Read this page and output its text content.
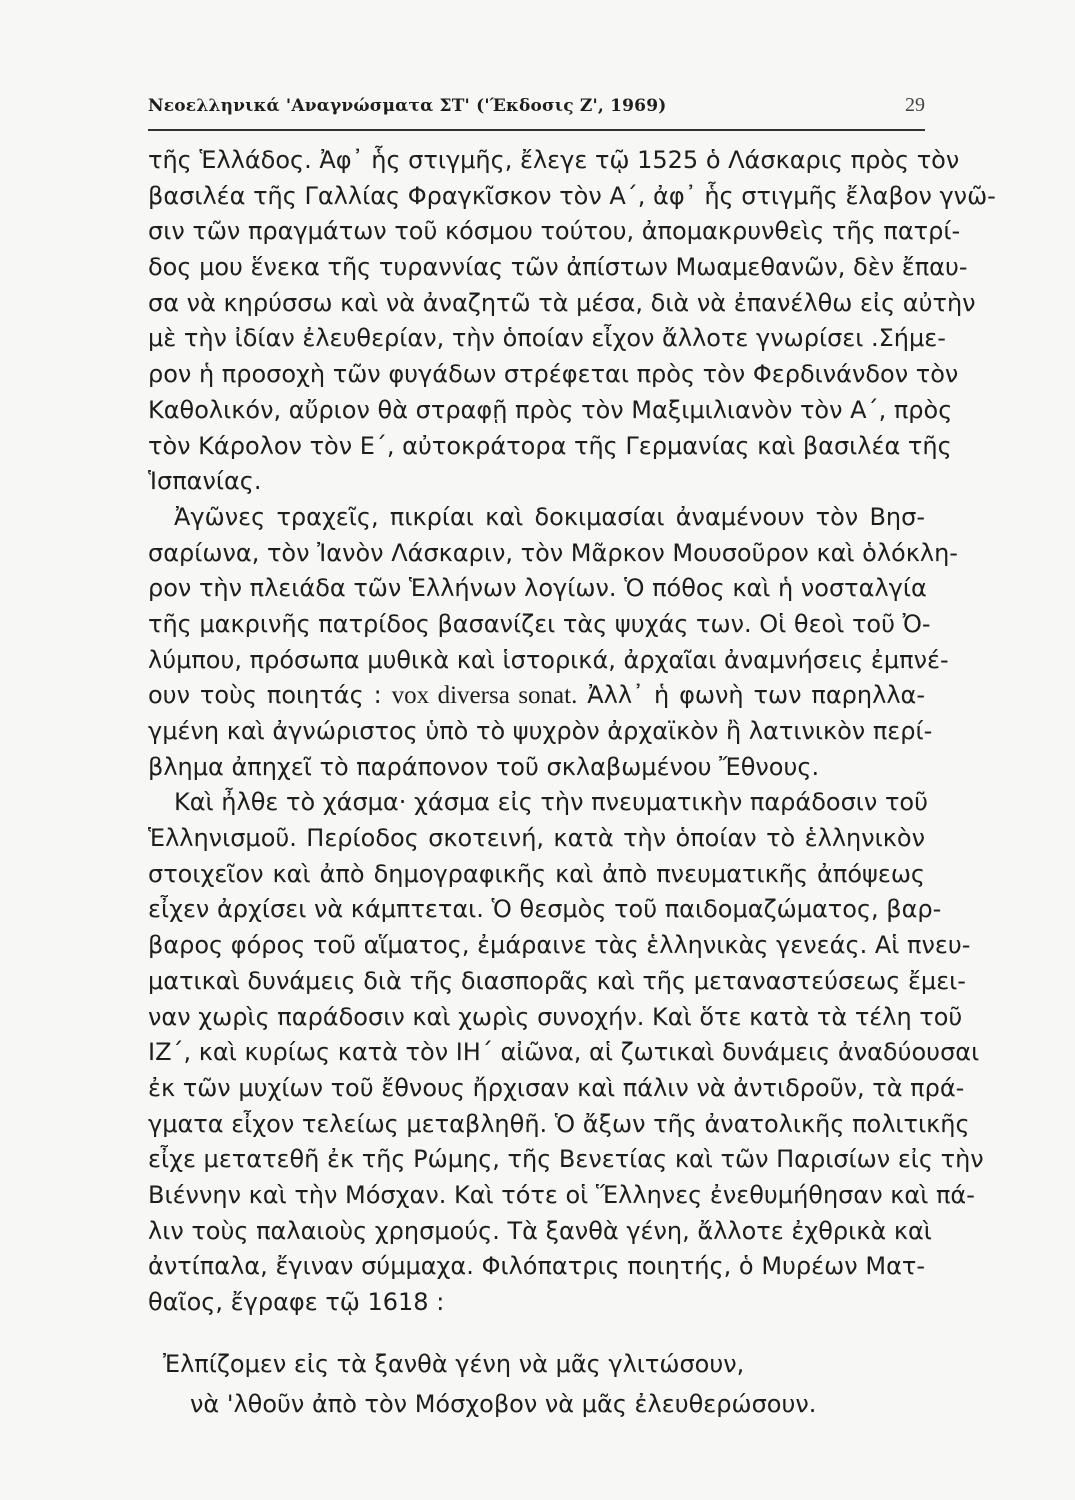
Νεοελληνικά 'Αναγνώσματα ΣΤ' ('Έκδοσις Ζ', 1969)	29
τῆς Ἑλλάδος. Ἀφ᾿ ἧς στιγμῆς, ἔλεγε τῷ 1525 ὁ Λάσκαρις πρὸς τὸν
βασιλέα τῆς Γαλλίας Φραγκῖσκον τὸν Α΄, ἀφ᾿ ἧς στιγμῆς ἔλαβον γνῶ-
σιν τῶν πραγμάτων τοῦ κόσμου τούτου, ἀπομακρυνθεὶς τῆς πατρί-
δος μου ἕνεκα τῆς τυραννίας τῶν ἀπίστων Μωαμεθανῶν, δὲν ἔπαυ-
σα νὰ κηρύσσω καὶ νὰ ἀναζητῶ τὰ μέσα, διὰ νὰ ἐπανέλθω εἰς αὐτὴν
μὲ τὴν ἰδίαν ἐλευθερίαν, τὴν ὁποίαν εἶχον ἄλλοτε γνωρίσει .Σήμε-
ρον ἡ προσοχὴ τῶν φυγάδων στρέφεται πρὸς τὸν Φερδινάνδον τὸν
Καθολικόν, αὔριον θὰ στραφῇ πρὸς τὸν Μαξιμιλιανὸν τὸν Α΄, πρὸς
τὸν Κάρολον τὸν Ε΄, αὐτοκράτορα τῆς Γερμανίας καὶ βασιλέα τῆς
Ἱσπανίας.
Ἀγῶνες τραχεῖς, πικρίαι καὶ δοκιμασίαι ἀναμένουν τὸν Βησ-
σαρίωνα, τὸν Ἰανὸν Λάσκαριν, τὸν Μᾶρκον Μουσοῦρον καὶ ὁλόκλη-
ρον τὴν πλειάδα τῶν Ἑλλήνων λογίων. Ὁ πόθος καὶ ἡ νοσταλγία
τῆς μακρινῆς πατρίδος βασανίζει τὰς ψυχάς των. Οἱ θεοὶ τοῦ Ὀ-
λύμπου, πρόσωπα μυθικὰ καὶ ἱστορικά, ἀρχαῖαι ἀναμνήσεις ἐμπνέ-
ουν τοὺς ποιητάς : vox diversa sonat. Ἀλλ᾿ ἡ φωνὴ των παρηλλα-
γμένη καὶ ἀγνώριστος ὑπὸ τὸ ψυχρὸν ἀρχαϊκὸν ἢ λατινικὸν περί-
βλημα ἀπηχεῖ τὸ παράπονον τοῦ σκλαβωμένου Ἔθνους.
Καὶ ἦλθε τὸ χάσμα· χάσμα εἰς τὴν πνευματικὴν παράδοσιν τοῦ
Ἑλληνισμοῦ. Περίοδος σκοτεινή, κατὰ τὴν ὁποίαν τὸ ἑλληνικὸν
στοιχεῖον καὶ ἀπὸ δημογραφικῆς καὶ ἀπὸ πνευματικῆς ἀπόψεως
εἶχεν ἀρχίσει νὰ κάμπτεται. Ὁ θεσμὸς τοῦ παιδομαζώματος, βαρ-
βαρος φόρος τοῦ αἵματος, ἐμάραινε τὰς ἑλληνικὰς γενεάς. Αἱ πνευ-
ματικαὶ δυνάμεις διὰ τῆς διασπορᾶς καὶ τῆς μεταναστεύσεως ἔμει-
ναν χωρὶς παράδοσιν καὶ χωρὶς συνοχήν. Καὶ ὅτε κατὰ τὰ τέλη τοῦ
ΙΖ΄, καὶ κυρίως κατὰ τὸν ΙΗ΄ αἰῶνα, αἱ ζωτικαὶ δυνάμεις ἀναδύουσαι
ἐκ τῶν μυχίων τοῦ ἔθνους ἤρχισαν καὶ πάλιν νὰ ἀντιδροῦν, τὰ πρά-
γματα εἶχον τελείως μεταβληθῆ. Ὁ ἄξων τῆς ἀνατολικῆς πολιτικῆς
εἶχε μετατεθῆ ἐκ τῆς Ρώμης, τῆς Βενετίας καὶ τῶν Παρισίων εἰς τὴν
Βιέννην καὶ τὴν Μόσχαν. Καὶ τότε οἱ Ἕλληνες ἐνεθυμήθησαν καὶ πά-
λιν τοὺς παλαιοὺς χρησμούς. Τὰ ξανθὰ γένη, ἄλλοτε ἐχθρικὰ καὶ
ἀντίπαλα, ἔγιναν σύμμαχα. Φιλόπατρις ποιητής, ὁ Μυρέων Ματ-
θαῖος, ἔγραφε τῷ 1618 :
Ἐλπίζομεν εἰς τὰ ξανθὰ γένη νὰ μᾶς γλιτώσουν,
νὰ 'λθοῦν ἀπὸ τὸν Μόσχοβον νὰ μᾶς ἐλευθερώσουν.
